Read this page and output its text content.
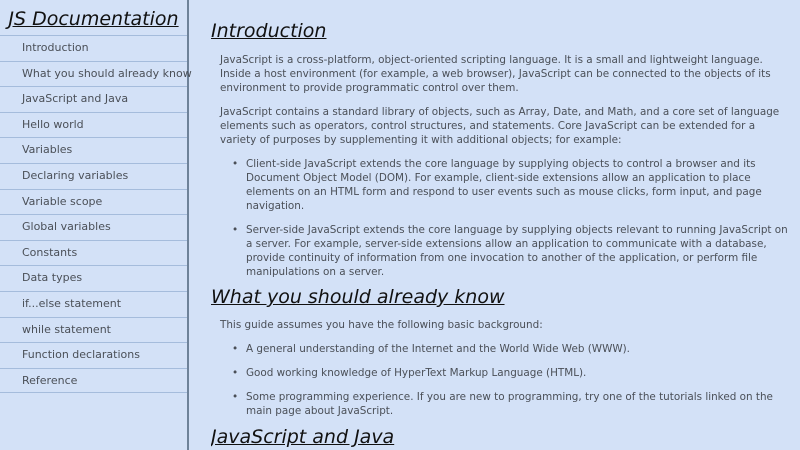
JS Documentation
Introduction
What you should already know
JavaScript and Java
Hello world
Variables
Declaring variables
Variable scope
Global variables
Constants
Data types
if...else statement
while statement
Function declarations
Reference
Introduction

JavaScript is a cross-platform, object-oriented scripting language. It is a small and lightweight language. Inside a host environment (for example, a web browser), JavaScript can be connected to the objects of its environment to provide programmatic control over them.

JavaScript contains a standard library of objects, such as Array, Date, and Math, and a core set of language elements such as operators, control structures, and statements. Core JavaScript can be extended for a variety of purposes by supplementing it with additional objects; for example:

•
Client-side JavaScript extends the core language by supplying objects to control a browser and its Document Object Model (DOM). For example, client-side extensions allow an application to place elements on an HTML form and respond to user events such as mouse clicks, form input, and page navigation.
•
Server-side JavaScript extends the core language by supplying objects relevant to running JavaScript on a server. For example, server-side extensions allow an application to communicate with a database, provide continuity of information from one invocation to another of the application, or perform file manipulations on a server.
What you should already know

This guide assumes you have the following basic background:

•
A general understanding of the Internet and the World Wide Web (WWW).
•
Good working knowledge of HyperText Markup Language (HTML).
•
Some programming experience. If you are new to programming, try one of the tutorials linked on the main page about JavaScript.
JavaScript and Java
